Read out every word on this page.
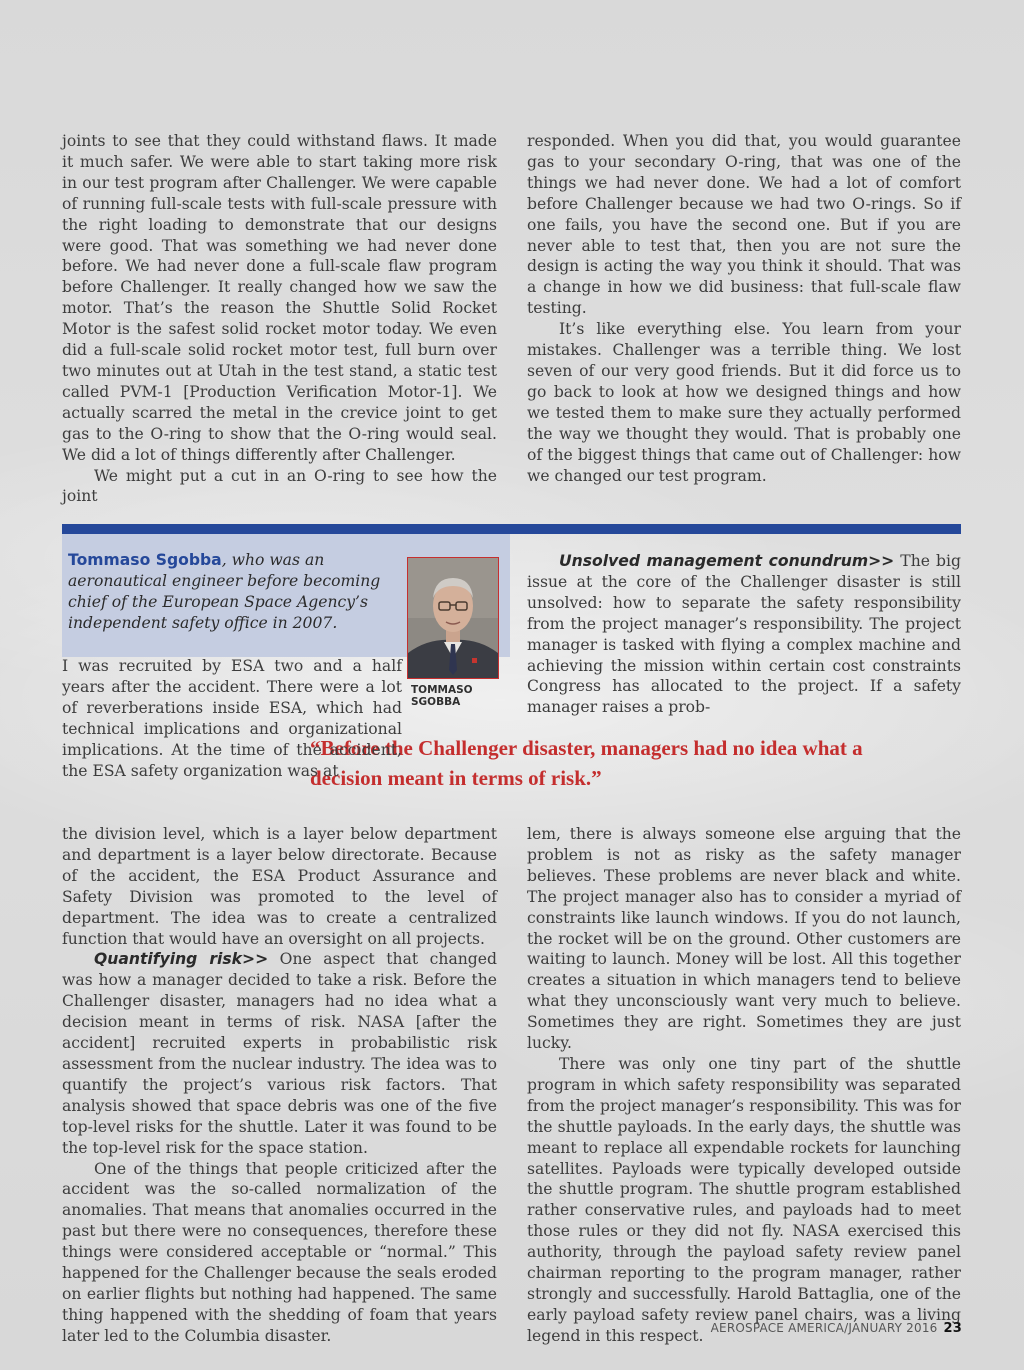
joints to see that they could withstand flaws. It made it much safer. We were able to start taking more risk in our test program after Challenger. We were capable of running full-scale tests with full-scale pressure with the right loading to demonstrate that our designs were good. That was something we had never done before. We had never done a full-scale flaw program before Challenger. It really changed how we saw the motor. That’s the reason the Shuttle Solid Rocket Motor is the safest solid rocket motor today. We even did a full-scale solid rocket motor test, full burn over two minutes out at Utah in the test stand, a static test called PVM-1 [Production Verification Motor-1]. We actually scarred the metal in the crevice joint to get gas to the O-ring to show that the O-ring would seal. We did a lot of things differently after Challenger.

We might put a cut in an O-ring to see how the joint

responded. When you did that, you would guarantee gas to your secondary O-ring, that was one of the things we had never done. We had a lot of comfort before Challenger because we had two O-rings. So if one fails, you have the second one. But if you are never able to test that, then you are not sure the design is acting the way you think it should. That was a change in how we did business: that full-scale flaw testing.

It’s like everything else. You learn from your mistakes. Challenger was a terrible thing. We lost seven of our very good friends. But it did force us to go back to look at how we designed things and how we tested them to make sure they actually performed the way we thought they would. That is probably one of the biggest things that came out of Challenger: how we changed our test program.

Tommaso Sgobba, who was an aeronautical engineer before becoming chief of the European Space Agency’s independent safety office in 2007.
TOMMASO SGOBBA
“Before the Challenger disaster, managers had no idea what a decision meant in terms of risk.”

I was recruited by ESA two and a half years after the accident. There were a lot of reverberations inside ESA, which had technical implications and organizational implications. At the time of the accident, the ESA safety organization was at

the division level, which is a layer below department and department is a layer below directorate. Because of the accident, the ESA Product Assurance and Safety Division was promoted to the level of department. The idea was to create a centralized function that would have an oversight on all projects.

Quantifying risk>> One aspect that changed was how a manager decided to take a risk. Before the Challenger disaster, managers had no idea what a decision meant in terms of risk. NASA [after the accident] recruited experts in probabilistic risk assessment from the nuclear industry. The idea was to quantify the project’s various risk factors. That analysis showed that space debris was one of the five top-level risks for the shuttle. Later it was found to be the top-level risk for the space station.

One of the things that people criticized after the accident was the so-called normalization of the anomalies. That means that anomalies occurred in the past but there were no consequences, therefore these things were considered acceptable or “normal.” This happened for the Challenger because the seals eroded on earlier flights but nothing had happened. The same thing happened with the shedding of foam that years later led to the Columbia disaster.

Unsolved management conundrum>> The big issue at the core of the Challenger disaster is still unsolved: how to separate the safety responsibility from the project manager’s responsibility. The project manager is tasked with flying a complex machine and achieving the mission within certain cost constraints Congress has allocated to the project. If a safety manager raises a prob-

lem, there is always someone else arguing that the problem is not as risky as the safety manager believes. These problems are never black and white. The project manager also has to consider a myriad of constraints like launch windows. If you do not launch, the rocket will be on the ground. Other customers are waiting to launch. Money will be lost. All this together creates a situation in which managers tend to believe what they unconsciously want very much to believe. Sometimes they are right. Sometimes they are just lucky.

There was only one tiny part of the shuttle program in which safety responsibility was separated from the project manager’s responsibility. This was for the shuttle payloads. In the early days, the shuttle was meant to replace all expendable rockets for launching satellites. Payloads were typically developed outside the shuttle program. The shuttle program established rather conservative rules, and payloads had to meet those rules or they did not fly. NASA exercised this authority, through the payload safety review panel chairman reporting to the program manager, rather strongly and successfully. Harold Battaglia, one of the early payload safety review panel chairs, was a living legend in this respect. AEROSPACE AMERICA/JANUARY 2016 23
